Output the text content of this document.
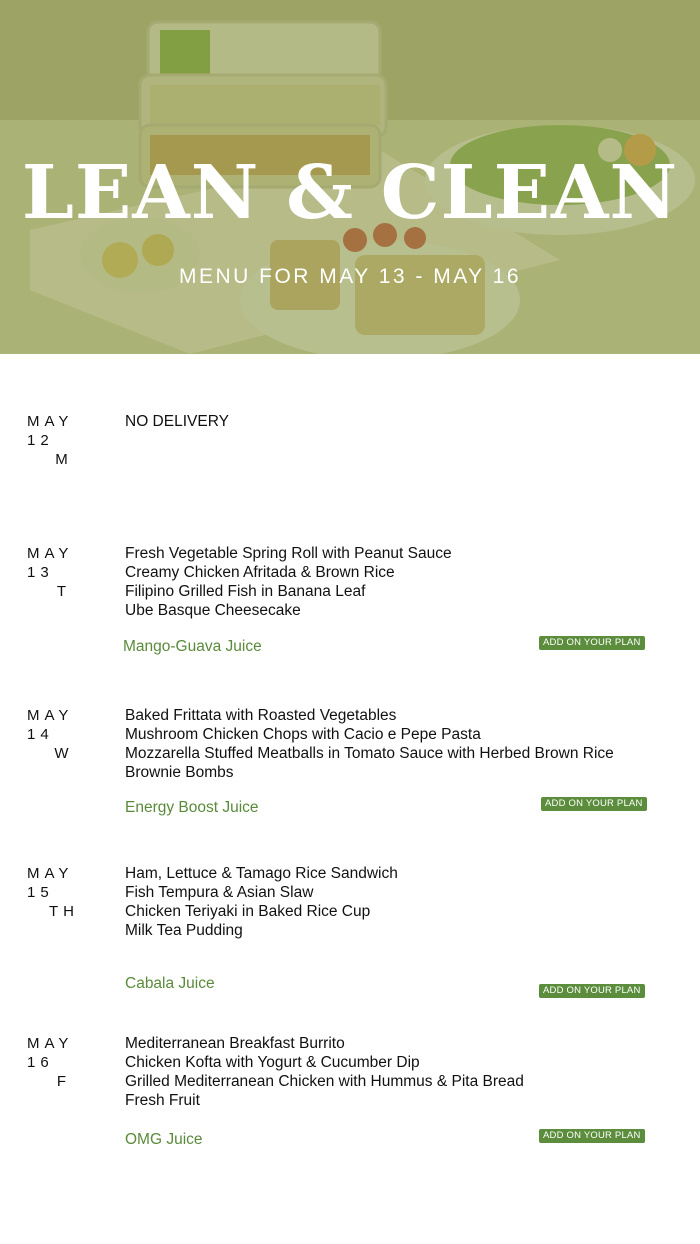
LEAN & CLEAN
MENU FOR MAY 13 - MAY 16
MAY 12
M
NO DELIVERY
MAY 13
T
Fresh Vegetable Spring Roll with Peanut Sauce
Creamy Chicken Afritada & Brown Rice
Filipino Grilled Fish in Banana Leaf
Ube Basque Cheesecake
Mango-Guava Juice	ADD ON YOUR PLAN
MAY 14
W
Baked Frittata with Roasted Vegetables
Mushroom Chicken Chops with Cacio e Pepe Pasta
Mozzarella Stuffed Meatballs in Tomato Sauce with Herbed Brown Rice
Brownie Bombs
Energy Boost Juice	ADD ON YOUR PLAN
MAY 15
TH
Ham, Lettuce & Tamago Rice Sandwich
Fish Tempura & Asian Slaw
Chicken Teriyaki in Baked Rice Cup
Milk Tea Pudding
Cabala Juice	ADD ON YOUR PLAN
MAY 16
F
Mediterranean Breakfast Burrito
Chicken Kofta with Yogurt & Cucumber Dip
Grilled Mediterranean Chicken with Hummus & Pita Bread
Fresh Fruit
OMG Juice	ADD ON YOUR PLAN
